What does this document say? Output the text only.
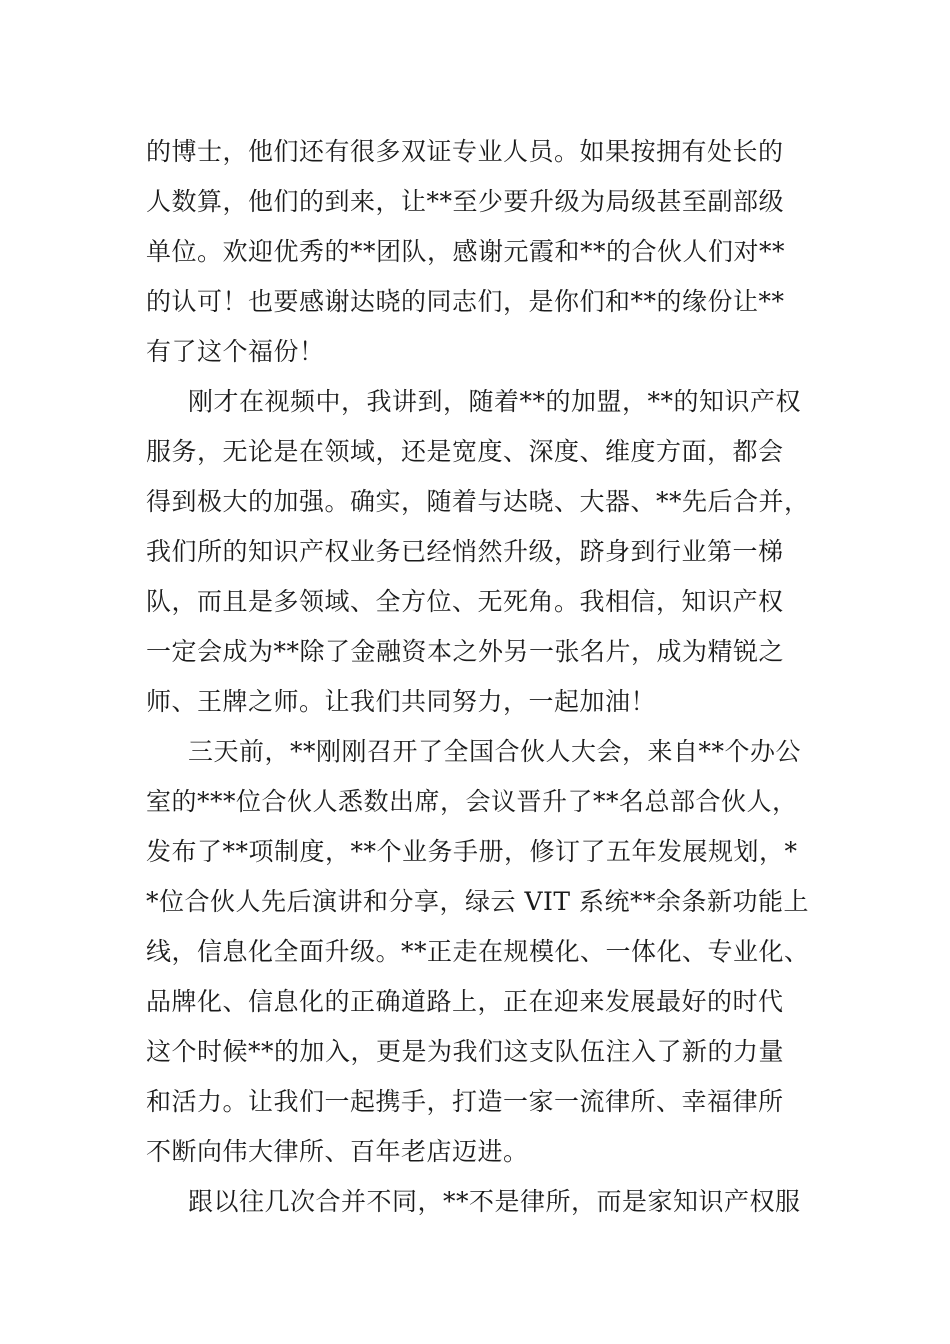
的博士，他们还有很多双证专业人员。如果按拥有处长的
人数算，他们的到来，让**至少要升级为局级甚至副部级
单位。欢迎优秀的**团队，感谢元霞和**的合伙人们对**
的认可！也要感谢达晓的同志们，是你们和**的缘份让**
有了这个福份！
刚才在视频中，我讲到，随着**的加盟，**的知识产权
服务，无论是在领域，还是宽度、深度、维度方面，都会
得到极大的加强。确实，随着与达晓、大器、**先后合并，
我们所的知识产权业务已经悄然升级，跻身到行业第一梯
队，而且是多领域、全方位、无死角。我相信，知识产权
一定会成为**除了金融资本之外另一张名片，成为精锐之
师、王牌之师。让我们共同努力，一起加油！
三天前，**刚刚召开了全国合伙人大会，来自**个办公
室的***位合伙人悉数出席，会议晋升了**名总部合伙人，
发布了**项制度，**个业务手册，修订了五年发展规划，*
*位合伙人先后演讲和分享，绿云 VIT 系统**余条新功能上
线，信息化全面升级。**正走在规模化、一体化、专业化、
品牌化、信息化的正确道路上，正在迎来发展最好的时代
这个时候**的加入，更是为我们这支队伍注入了新的力量
和活力。让我们一起携手，打造一家一流律所、幸福律所
不断向伟大律所、百年老店迈进。
跟以往几次合并不同，**不是律所，而是家知识产权服
